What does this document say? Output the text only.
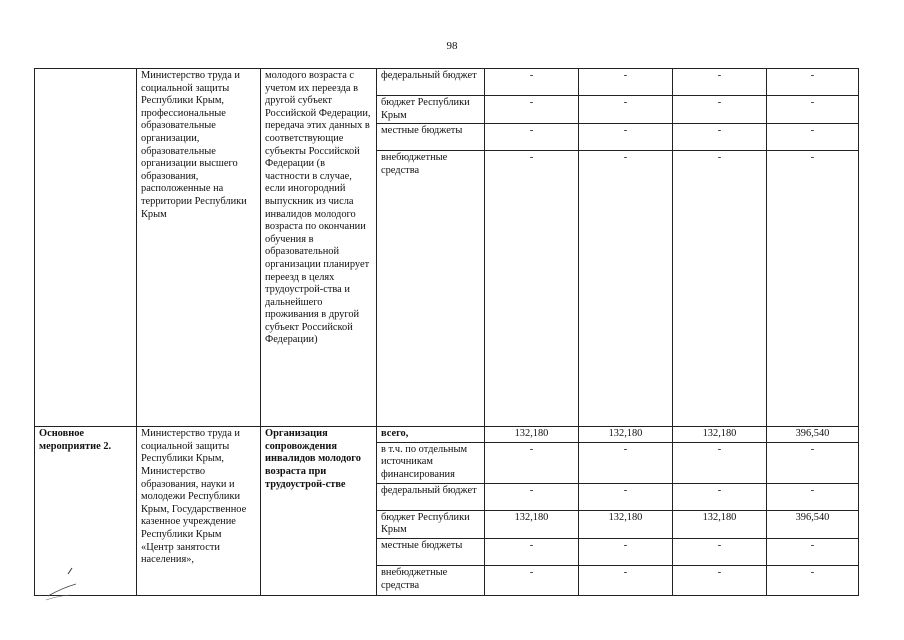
98
	Министерство труда и социальной защиты Республики Крым, профессиональные образовательные организации, образовательные организации высшего образования, расположенные на территории Республики Крым	молодого возраста с учетом их переезда в другой субъект Российской Федерации, передача этих данных в соответствующие субъекты Российской Федерации (в частности в случае, если иногородний выпускник из числа инвалидов молодого возраста по окончании обучения в образовательной организации планирует переезд в целях трудоустрой-ства и дальнейшего проживания в другой субъект Российской Федерации)	федеральный бюджет	-	-	-	-
			бюджет Республики Крым	-	-	-	-
			местные бюджеты	-	-	-	-
			внебюджетные средства	-	-	-	-
Основное мероприятие 2.	Министерство труда и социальной защиты Республики Крым, Министерство образования, науки и молодежи Республики Крым, Государственное казенное учреждение Республики Крым «Центр занятости населения»,	Организация сопровождения инвалидов молодого возраста при трудоустрой-стве	всего,	132,180	132,180	132,180	396,540
			в т.ч. по отдельным источникам финансирования	-	-	-	-
			федеральный бюджет	-	-	-	-
			бюджет Республики Крым	132,180	132,180	132,180	396,540
			местные бюджеты	-	-	-	-
			внебюджетные средства	-	-	-	-
